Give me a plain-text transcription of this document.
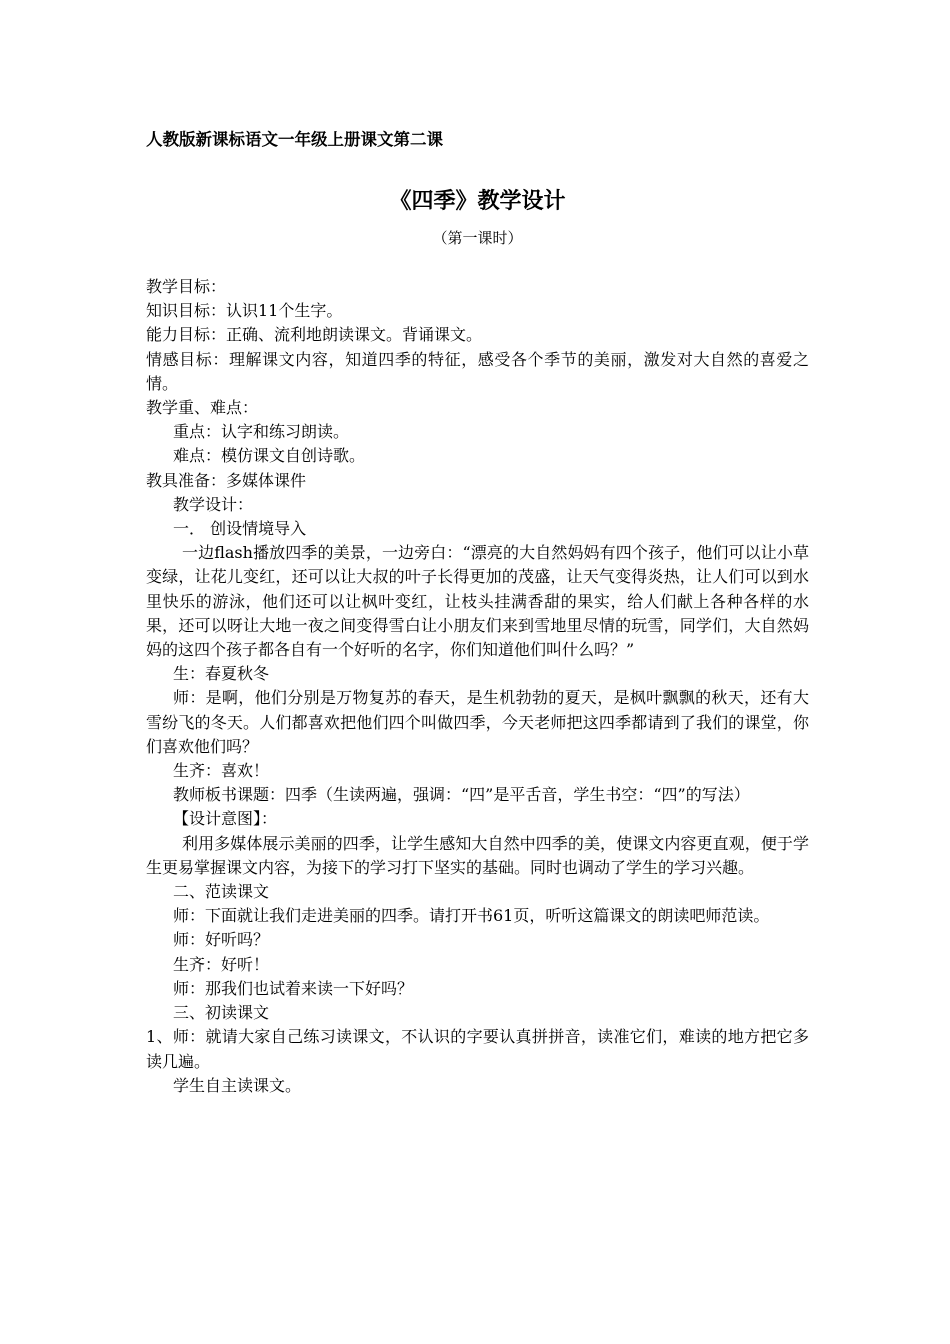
人教版新课标语文一年级上册课文第二课
《四季》教学设计
（第一课时）

教学目标：

知识目标：认识11个生字。

能力目标：正确、流利地朗读课文。背诵课文。

情感目标：理解课文内容，知道四季的特征，感受各个季节的美丽，激发对大自然的喜爱之情。

教学重、难点：

重点：认字和练习朗读。

难点：模仿课文自创诗歌。

教具准备：多媒体课件

教学设计：

一． 创设情境导入

一边flash播放四季的美景，一边旁白：“漂亮的大自然妈妈有四个孩子，他们可以让小草变绿，让花儿变红，还可以让大叔的叶子长得更加的茂盛，让天气变得炎热，让人们可以到水里快乐的游泳，他们还可以让枫叶变红，让枝头挂满香甜的果实，给人们献上各种各样的水果，还可以呀让大地一夜之间变得雪白让小朋友们来到雪地里尽情的玩雪，同学们，大自然妈妈的这四个孩子都各自有一个好听的名字，你们知道他们叫什么吗？”

生：春夏秋冬

师：是啊，他们分别是万物复苏的春天，是生机勃勃的夏天，是枫叶飘飘的秋天，还有大雪纷飞的冬天。人们都喜欢把他们四个叫做四季，今天老师把这四季都请到了我们的课堂，你们喜欢他们吗？

生齐：喜欢！

教师板书课题：四季（生读两遍，强调：“四”是平舌音，学生书空：“四”的写法）

【设计意图】：

利用多媒体展示美丽的四季，让学生感知大自然中四季的美，使课文内容更直观，便于学生更易掌握课文内容，为接下的学习打下坚实的基础。同时也调动了学生的学习兴趣。

二、范读课文

师：下面就让我们走进美丽的四季。请打开书61页，听听这篇课文的朗读吧师范读。

师：好听吗？

生齐：好听！

师：那我们也试着来读一下好吗？

三、初读课文

1、师：就请大家自己练习读课文，不认识的字要认真拼拼音，读准它们，难读的地方把它多读几遍。

学生自主读课文。
